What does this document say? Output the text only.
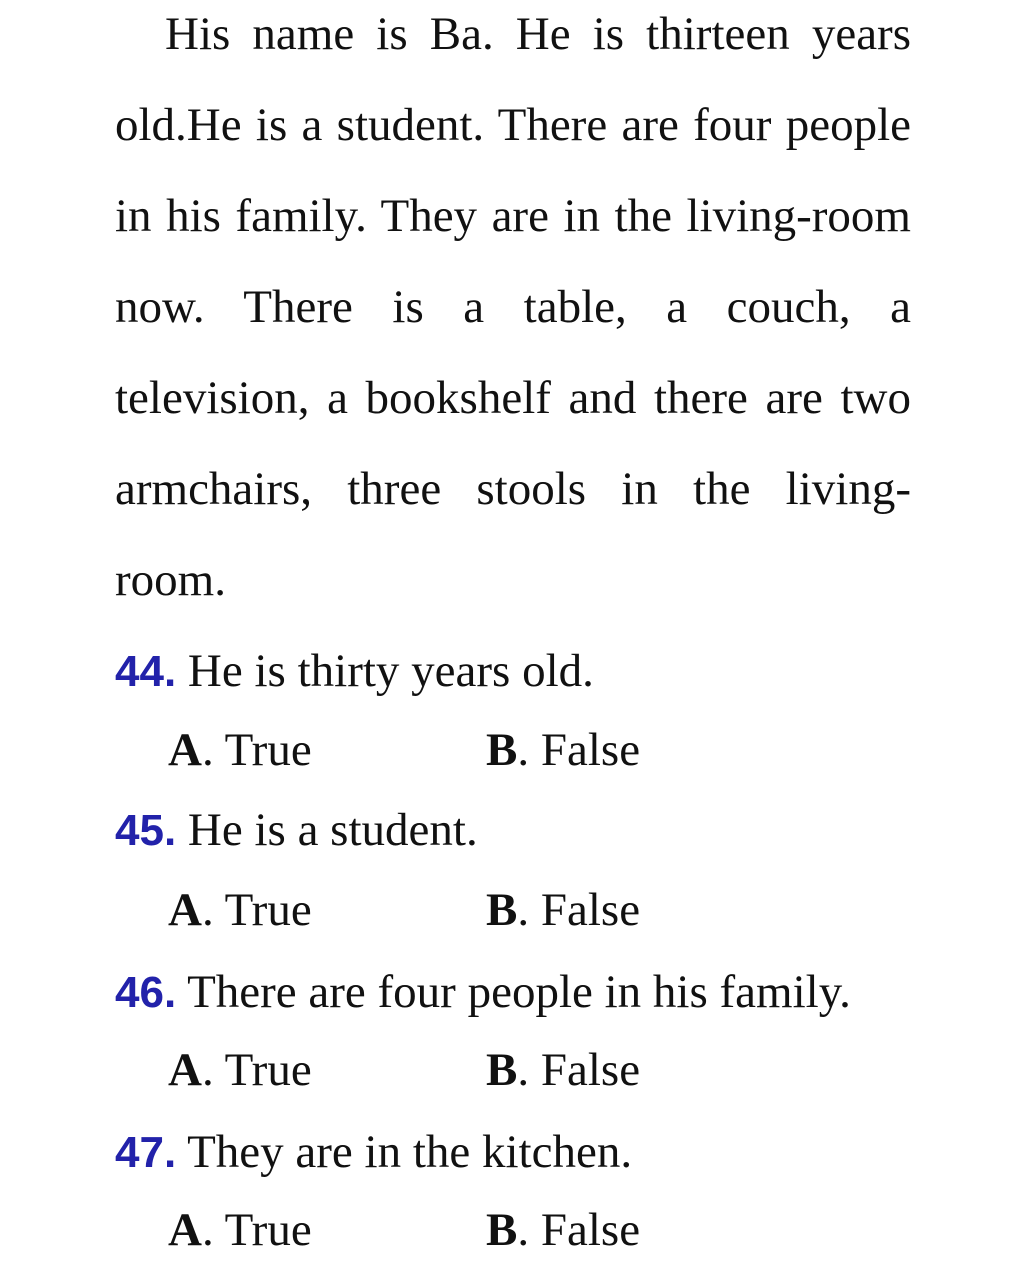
His name is Ba. He is thirteen years
old.He is a student. There are four people
in his family. They are in the living-room
now. There is a table, a couch, a
television, a bookshelf and there are two
armchairs, three stools in the living-
room.
44. He is thirty years old.
A. True	B. False
45. He is a student.
A. True	B. False
46. There are four people in his family.
A. True	B. False
47. They are in the kitchen.
A. True	B. False
